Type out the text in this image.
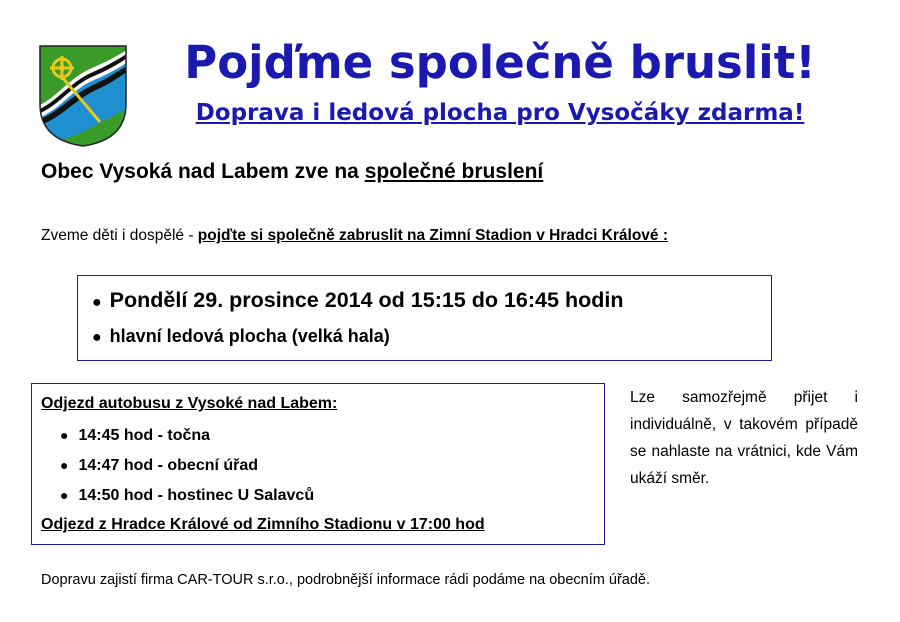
Pojďme společně bruslit!
Doprava i ledová plocha pro Vysočáky zdarma!
Obec Vysoká nad Labem zve na společné bruslení
Zveme děti i dospělé - pojďte si společně zabruslit na Zimní Stadion v Hradci Králové :
● Pondělí 29. prosince 2014 od 15:15 do 16:45 hodin
● hlavní ledová plocha (velká hala)
Odjezd autobusu z Vysoké nad Labem:
● 14:45 hod - točna
● 14:47 hod - obecní úřad
● 14:50 hod - hostinec U Salavců
Odjezd z Hradce Králové od Zimního Stadionu v 17:00 hod
Lze samozřejmě přijet i individuálně, v takovém případě se nahlaste na vrátnici, kde Vám ukáží směr.
Dopravu zajistí firma CAR-TOUR s.r.o., podrobnější informace rádi podáme na obecním úřadě.
